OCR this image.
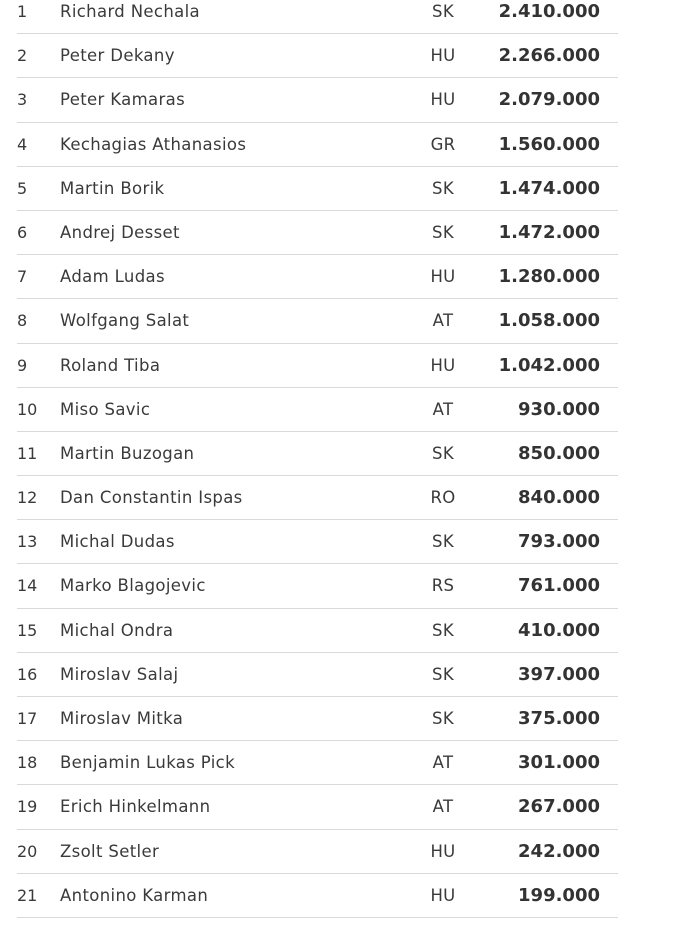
1 Richard Nechala	SK	2.410.000
2 Peter Dekany	HU	2.266.000
3 Peter Kamaras	HU	2.079.000
4 Kechagias Athanasios	GR	1.560.000
5 Martin Borik	SK	1.474.000
6 Andrej Desset	SK	1.472.000
7 Adam Ludas	HU	1.280.000
8 Wolfgang Salat	AT	1.058.000
9 Roland Tiba	HU	1.042.000
10 Miso Savic	AT	930.000
11 Martin Buzogan	SK	850.000
12 Dan Constantin Ispas	RO	840.000
13 Michal Dudas	SK	793.000
14 Marko Blagojevic	RS	761.000
15 Michal Ondra	SK	410.000
16 Miroslav Salaj	SK	397.000
17 Miroslav Mitka	SK	375.000
18 Benjamin Lukas Pick	AT	301.000
19 Erich Hinkelmann	AT	267.000
20 Zsolt Setler	HU	242.000
21 Antonino Karman	HU	199.000
